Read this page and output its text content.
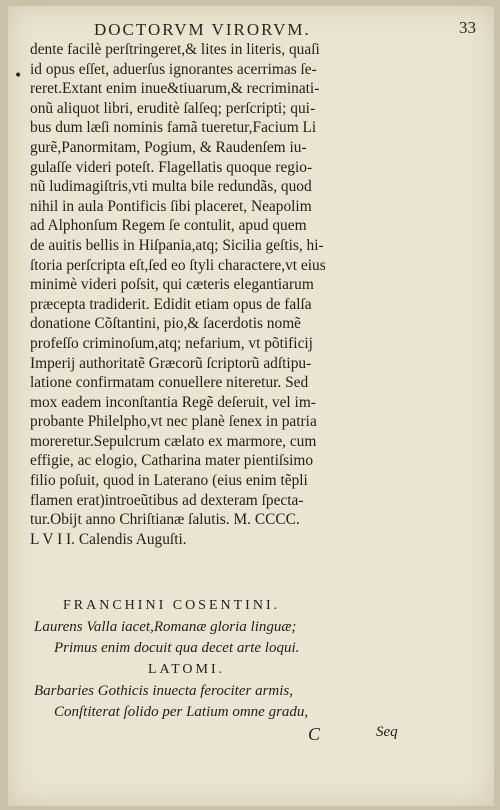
DOCTORVM VIRORVM.	33
•
dente facilè perſtringeret,& lites in literis, quaſi
id opus eſſet, aduerſus ignorantes acerrimas ſe-
reret.Extant enim inue&tiuarum,& recriminati-
onũ aliquot libri, eruditè ſalſeq; perſcripti; qui-
bus dum læſi nominis famã tueretur,Facium Li
gurẽ,Panormitam, Pogium, & Raudenſem iu-
gulaſſe videri poteſt. Flagellatis quoque regio-
nũ ludimagiſtris,vti multa bile redundãs, quod
nihil in aula Pontificis ſibi placeret, Neapolim
ad Alphonſum Regem ſe contulit, apud quem
de auitis bellis in Hiſpania,atq; Sicilia geſtis, hi-
ſtoria perſcripta eſt,ſed eo ſtyli charactere,vt eius
minimè videri poſsit, qui cæteris elegantiarum
præcepta tradiderit. Edidit etiam opus de falſa
donatione Cõſtantini, pio,& ſacerdotis nomẽ
profeſſo criminoſum,atq; nefarium, vt põtificij
Imperij authoritatẽ Græcorũ ſcriptorũ adſtipu-
latione confirmatam conuellere niteretur. Sed
mox eadem inconſtantia Regẽ deſeruit, vel im-
probante Philelpho,vt nec planè ſenex in patria
moreretur.Sepulcrum cælato ex marmore, cum
effigie, ac elogio, Catharina mater pientiſsimo
filio poſuit, quod in Laterano (eius enim tẽpli
flamen erat)introeũtibus ad dexteram ſpecta-
tur.Obijt anno Chriſtianæ ſalutis. M. CCCC.
L V I I. Calendis Auguſti.
FRANCHINI COSENTINI.
Laurens Valla iacet,Romanæ gloria linguæ;
Primus enim docuit qua decet arte loqui.
LATOMI.
Barbaries Gothicis inuecta ferociter armis,
Conſtiterat ſolido per Latium omne gradu,
C	Seq
